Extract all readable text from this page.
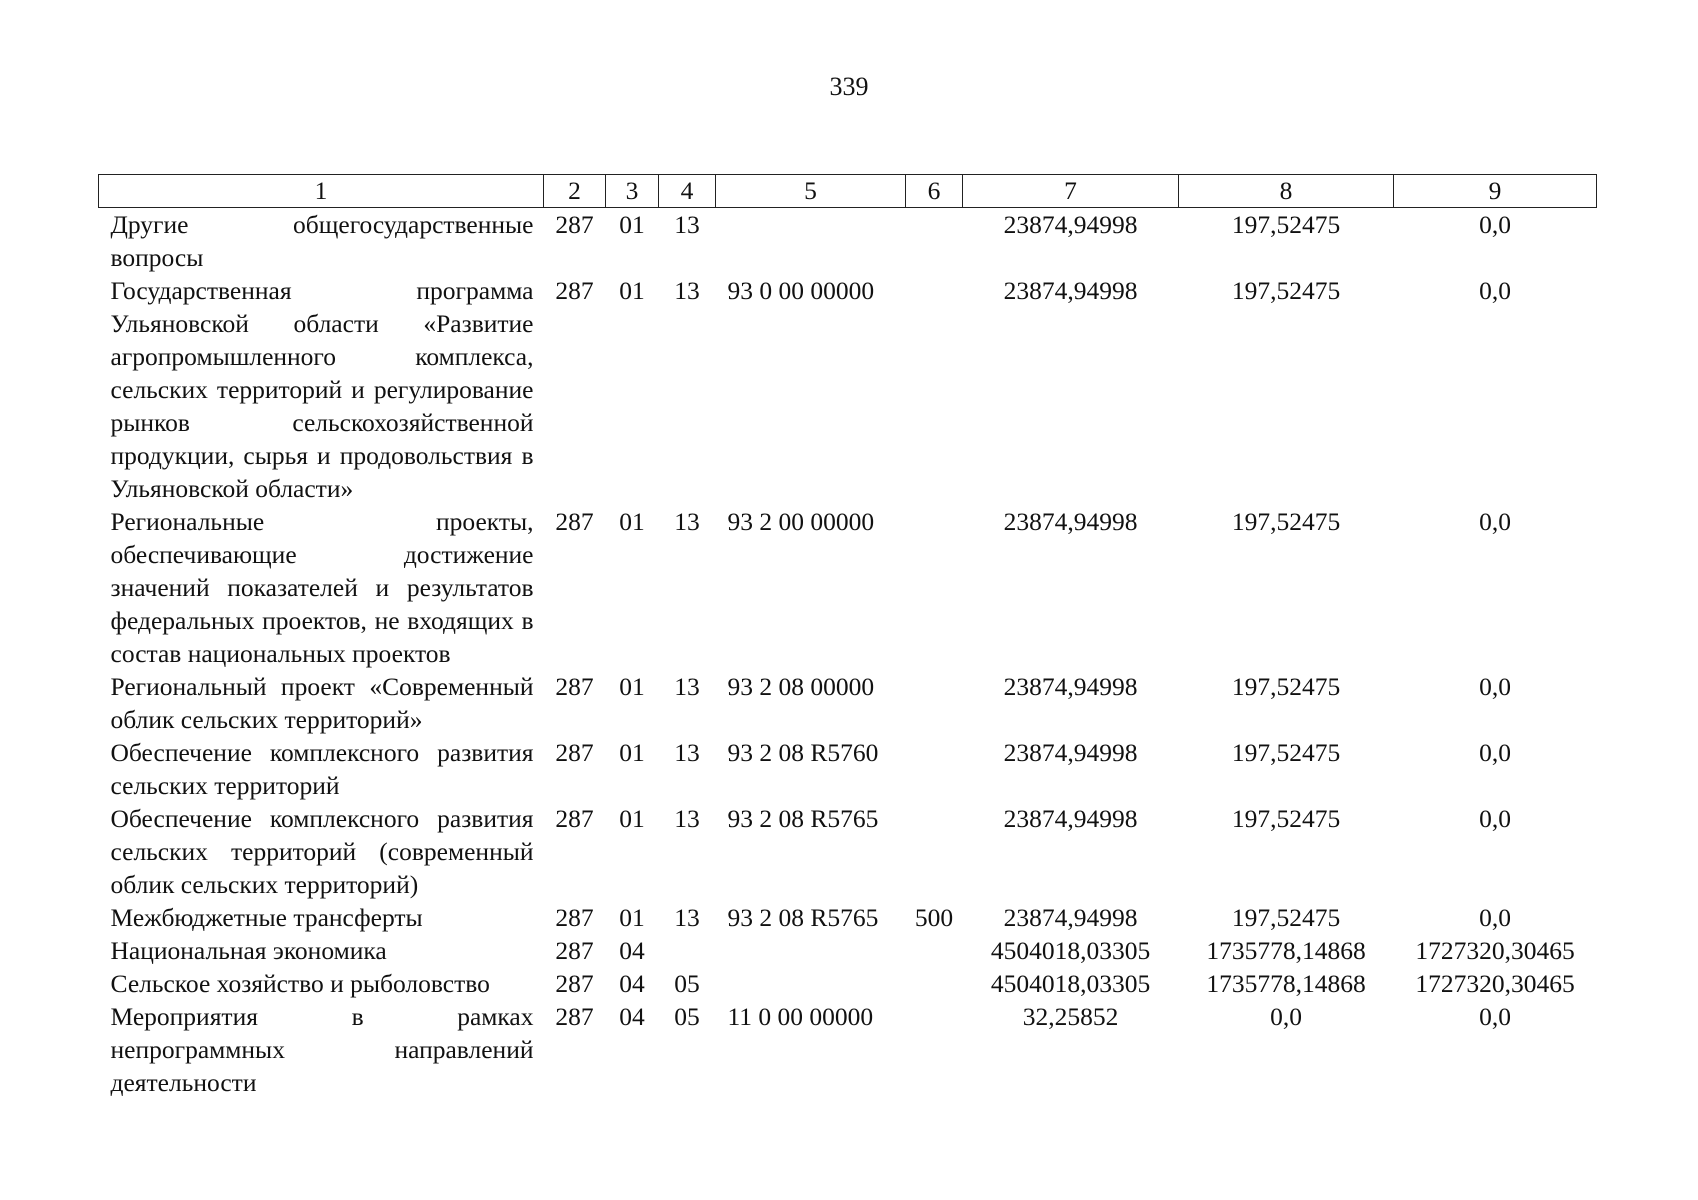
339
1	2	3	4	5	6	7	8	9
Другие общегосударственные вопросы	287	01	13			23874,94998	197,52475	0,0
Государственная программа Ульяновской области «Развитие агропромышленного комплекса, сельских территорий и регулирование рынков сельскохозяйственной продукции, сырья и продовольствия в Ульяновской области»	287	01	13	93 0 00 00000		23874,94998	197,52475	0,0
Региональные проекты, обеспечивающие достижение значений показателей и результатов федеральных проектов, не входящих в состав национальных проектов	287	01	13	93 2 00 00000		23874,94998	197,52475	0,0
Региональный проект «Современный облик сельских территорий»	287	01	13	93 2 08 00000		23874,94998	197,52475	0,0
Обеспечение комплексного развития сельских территорий	287	01	13	93 2 08 R5760		23874,94998	197,52475	0,0
Обеспечение комплексного развития сельских территорий (современный облик сельских территорий)	287	01	13	93 2 08 R5765		23874,94998	197,52475	0,0
Межбюджетные трансферты	287	01	13	93 2 08 R5765	500	23874,94998	197,52475	0,0
Национальная экономика	287	04				4504018,03305	1735778,14868	1727320,30465
Сельское хозяйство и рыболовство	287	04	05			4504018,03305	1735778,14868	1727320,30465
Мероприятия в рамках непрограммных направлений деятельности	287	04	05	11 0 00 00000		32,25852	0,0	0,0
